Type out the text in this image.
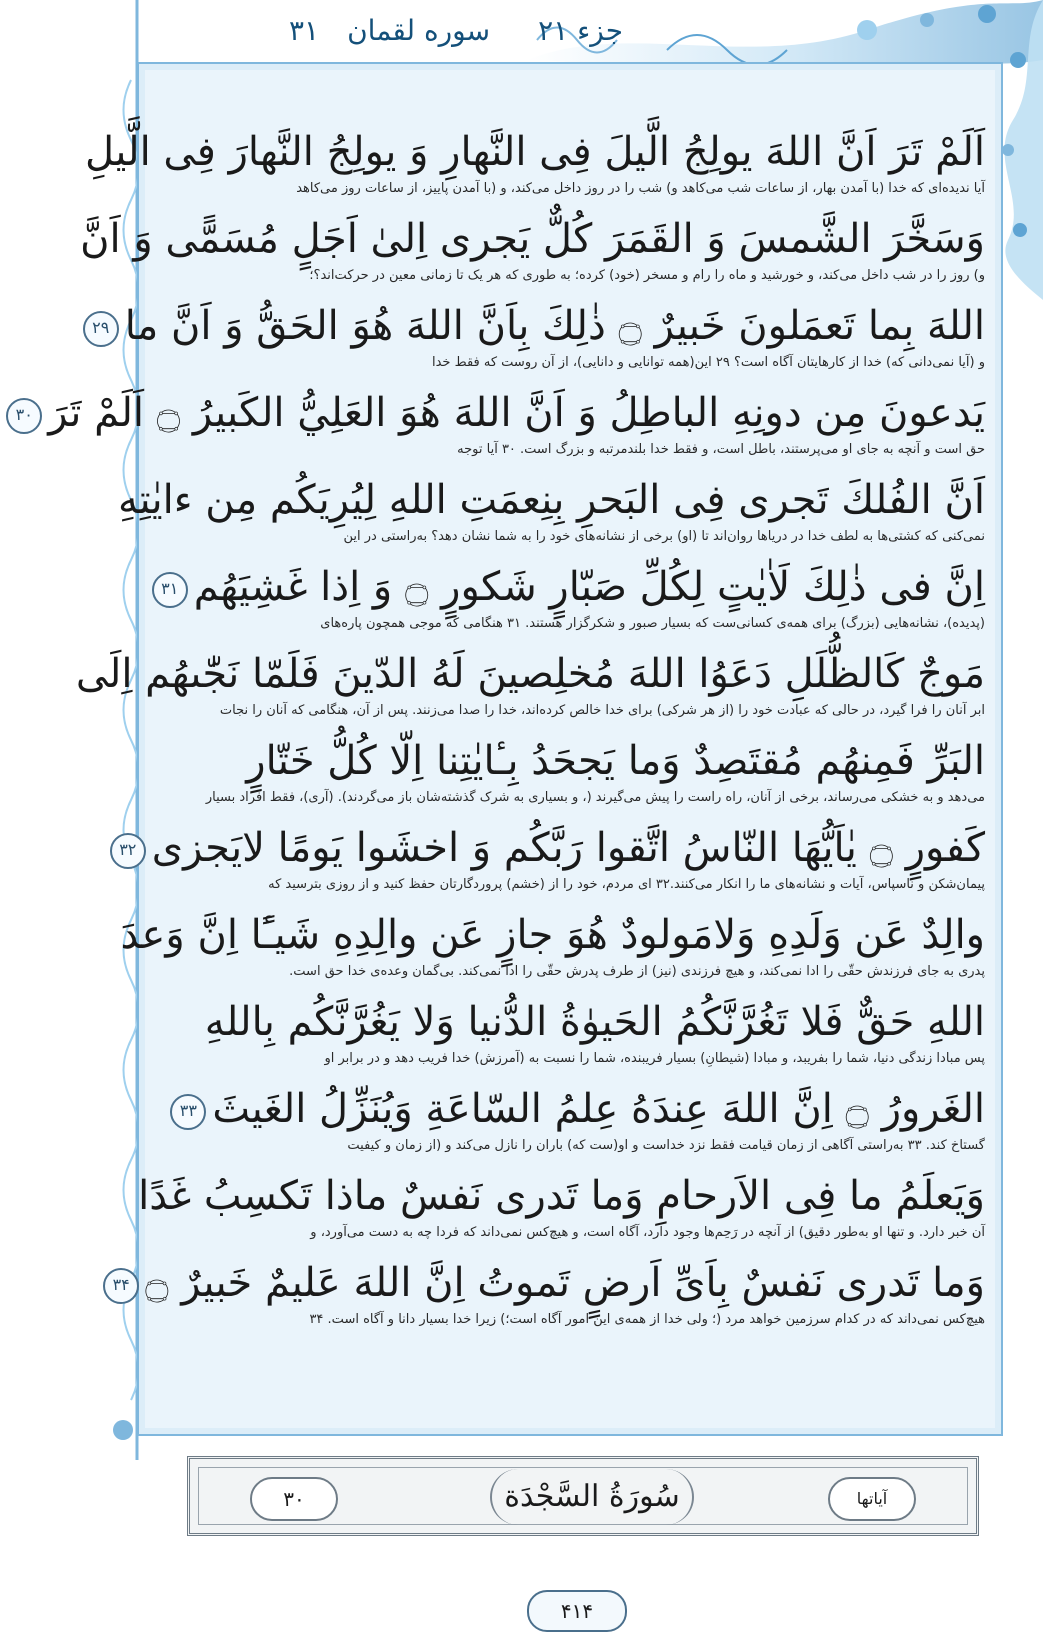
جزء ۲۱
سوره لقمان
۳۱
اَلَمْ تَرَ اَنَّ اللهَ يولِجُ الَّيلَ فِى النَّهارِ وَ يولِجُ النَّهارَ فِى الَّيلِ
آیا ندیده‌ای که خدا (با آمدن بهار، از ساعات شب می‌کاهد و) شب را در روز داخل می‌کند، و (با آمدن پاییز، از ساعات روز می‌کاهد
وَسَخَّرَ الشَّمسَ وَ القَمَرَ كُلٌّ يَجرى اِلىٰ اَجَلٍ مُسَمًّى وَ اَنَّ
و) روز را در شب داخل می‌کند، و خورشید و ماه را رام و مسخر (خود) کرده؛ به طوری که هر یک تا زمانی معین در حرکت‌اند؟؛
اللهَ بِما تَعمَلونَ خَبيرٌ ۝ ذٰلِكَ بِاَنَّ اللهَ هُوَ الحَقُّ وَ اَنَّ ما۲۹
و (آیا نمی‌دانی که) خدا از کارهایتان آگاه است؟ ۲۹ این(همه توانایی و دانایی)، از آن روست که فقط خدا
يَدعونَ مِن دونِهِ الباطِلُ وَ اَنَّ اللهَ هُوَ العَلِيُّ الكَبيرُ ۝ اَلَمْ تَرَ۳۰
حق است و آنچه به جای او می‌پرستند، باطل است، و فقط خدا بلندمرتبه و بزرگ است. ۳۰ آیا توجه
اَنَّ الفُلكَ تَجرى فِى البَحرِ بِنِعمَتِ اللهِ لِيُرِيَكُم مِن ءايٰتِهِ
نمی‌کنی که کشتی‌ها به لطف خدا در دریاها روان‌اند تا (او) برخی از نشانه‌های خود را به شما نشان دهد؟ به‌راستی در این
اِنَّ فى ذٰلِكَ لَاٰيٰتٍ لِكُلِّ صَبّارٍ شَكورٍ ۝ وَ اِذا غَشِيَهُم۳۱
(پدیده)، نشانه‌هایی (بزرگ) برای همه‌ی کسانی‌ست که بسیار صبور و شکرگزار هستند. ۳۱ هنگامی که موجی همچون پاره‌های
مَوجٌ كَالظُّلَلِ دَعَوُا اللهَ مُخلِصينَ لَهُ الدّينَ فَلَمّا نَجّٰىهُم اِلَى
ابر آنان را فرا گیرد، در حالی که عبادت خود را (از هر شرکی) برای خدا خالص کرده‌اند، خدا را صدا می‌زنند. پس از آن، هنگامی که آنان را نجات
البَرِّ فَمِنهُم مُقتَصِدٌ وَما يَجحَدُ بِـٔايٰتِنا اِلّا كُلُّ خَتّارٍ
می‌دهد و به خشکی می‌رساند، برخی از آنان، راه راست را پیش می‌گیرند (، و بسیاری به شرک گذشته‌شان باز می‌گردند). (آری)، فقط افراد بسیار
كَفورٍ ۝ يٰاَيُّهَا النّاسُ اتَّقوا رَبَّكُم وَ اخشَوا يَومًا لايَجزى۳۲
پیمان‌شکن و ناسپاس، آیات و نشانه‌های ما را انکار می‌کنند.۳۲ ای مردم، خود را از (خشم) پروردگارتان حفظ کنید و از روزی بترسید که
والِدٌ عَن وَلَدِهِ وَلامَولودٌ هُوَ جازٍ عَن والِدِهِ شَيـًٔا اِنَّ وَعدَ
پدری به جای فرزندش حقّی را ادا نمی‌کند، و هیچ فرزندی (نیز) از طرف پدرش حقّی را ادا نمی‌کند. بی‌گمان وعده‌ی خدا حق است.
اللهِ حَقٌّ فَلا تَغُرَّنَّكُمُ الحَيوٰةُ الدُّنيا وَلا يَغُرَّنَّكُم بِاللهِ
پس مبادا زندگی دنیا، شما را بفریبد، و مبادا (شیطانِ) بسیار فریبنده، شما را نسبت به (آمرزش) خدا فریب دهد و در برابر او
الغَرورُ ۝ اِنَّ اللهَ عِندَهُ عِلمُ السّاعَةِ وَيُنَزِّلُ الغَيثَ۳۳
گستاخ کند. ۳۳ به‌راستی آگاهی از زمان قیامت فقط نزد خداست و او(ست که) باران را نازل می‌کند و (از زمان و کیفیت
وَيَعلَمُ ما فِى الاَرحامِ وَما تَدرى نَفسٌ ماذا تَكسِبُ غَدًا
آن خبر دارد. و تنها او به‌طور دقیق) از آنچه در رَحِم‌ها وجود دارد، آگاه است، و هیچ‌کس نمی‌داند که فردا چه به دست می‌آورد، و
وَما تَدرى نَفسٌ بِاَىِّ اَرضٍ تَموتُ اِنَّ اللهَ عَليمٌ خَبيرٌ ۝۳۴
هیچ‌کس نمی‌داند که در کدام سرزمین خواهد مرد (؛ ولی خدا از همه‌ی این امور آگاه است؛) زیرا خدا بسیار دانا و آگاه است. ۳۴
۳۰	سُورَةُ السَّجْدَة	آیاتها
۴۱۴
